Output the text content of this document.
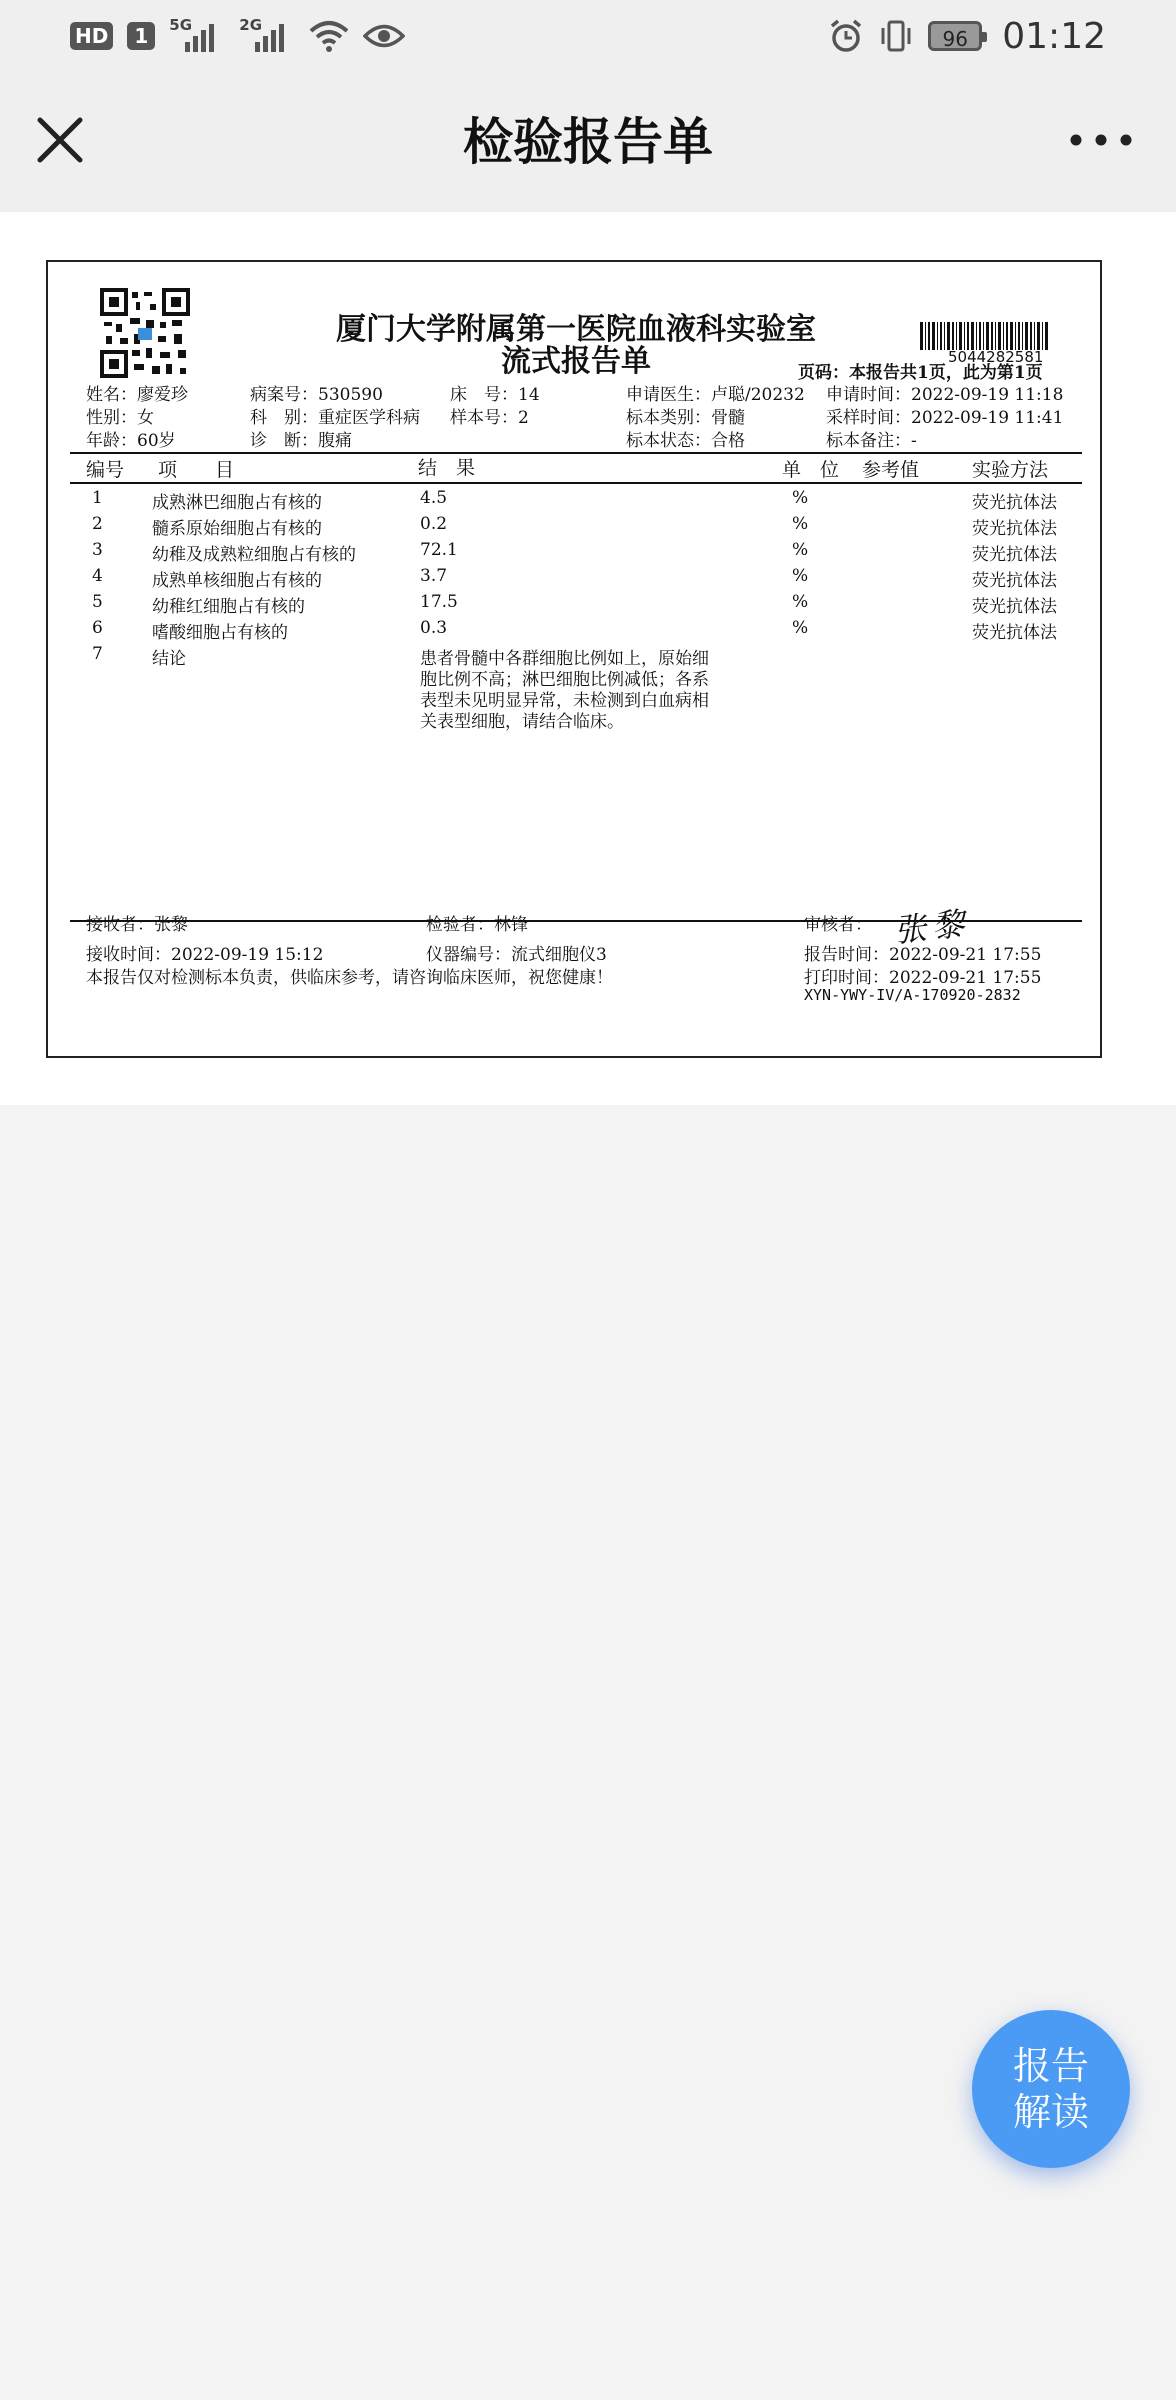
HD	1	5G	2G
96 01:12
检验报告单
5044282581
厦门大学附属第一医院血液科实验室
流式报告单	页码：本报告共1页，此为第1页
姓名：廖爱珍	病案号：530590	床　号：14	申请医生：卢聪/20232 申请时间：2022-09-19 11:18
性别：女	科　别：重症医学科病 样本号：2	标本类别：骨髓	采样时间：2022-09-19 11:41
年龄：60岁	诊　断：腹痛	标本状态：合格	标本备注：-
编号 项　　目	结　果	单　位 参考值	实验方法
1	成熟淋巴细胞占有核的	4.5	%	荧光抗体法
2	髓系原始细胞占有核的	0.2	%	荧光抗体法
3	幼稚及成熟粒细胞占有核的	72.1	%	荧光抗体法
4	成熟单核细胞占有核的	3.7	%	荧光抗体法
5	幼稚红细胞占有核的	17.5	%	荧光抗体法
6	嗜酸细胞占有核的	0.3	%	荧光抗体法
7	结论	患者骨髓中各群细胞比例如上，原始细
胞比例不高；淋巴细胞比例减低；各系
表型未见明显异常，未检测到白血病相
关表型细胞，请结合临床。
接收者：张黎	检验者：林锋	审核者： 张黎
接收时间：2022-09-19 15:12	仪器编号：流式细胞仪3	报告时间：2022-09-21 17:55
本报告仅对检测标本负责，供临床参考，请咨询临床医师，祝您健康！	打印时间：2022-09-21 17:55
XYN-YWY-IV/A-170920-2832
报告
解读
